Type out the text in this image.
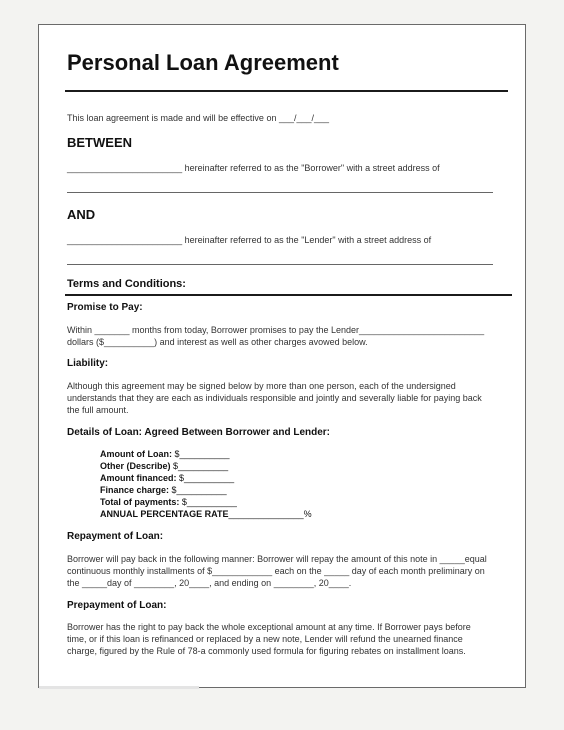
Personal Loan Agreement
This loan agreement is made and will be effective on ___/___/___
BETWEEN
_______________________ hereinafter referred to as the "Borrower" with a street address of
AND
_______________________ hereinafter referred to as the "Lender" with a street address of
Terms and Conditions:
Promise to Pay:
Within _______ months from today, Borrower promises to pay the Lender_________________________
dollars ($__________) and interest as well as other charges avowed below.
Liability:
Although this agreement may be signed below by more than one person, each of the undersigned
understands that they are each as individuals responsible and jointly and severally liable for paying back
the full amount.
Details of Loan: Agreed Between Borrower and Lender:
Amount of Loan: $__________
Other (Describe) $__________
Amount financed: $__________
Finance charge: $__________
Total of payments: $__________
ANNUAL PERCENTAGE RATE_______________%
Repayment of Loan:
Borrower will pay back in the following manner: Borrower will repay the amount of this note in _____equal
continuous monthly installments of $____________ each on the _____ day of each month preliminary on
the _____day of ________, 20____, and ending on ________, 20____.
Prepayment of Loan:
Borrower has the right to pay back the whole exceptional amount at any time. If Borrower pays before
time, or if this loan is refinanced or replaced by a new note, Lender will refund the unearned finance
charge, figured by the Rule of 78-a commonly used formula for figuring rebates on installment loans.
